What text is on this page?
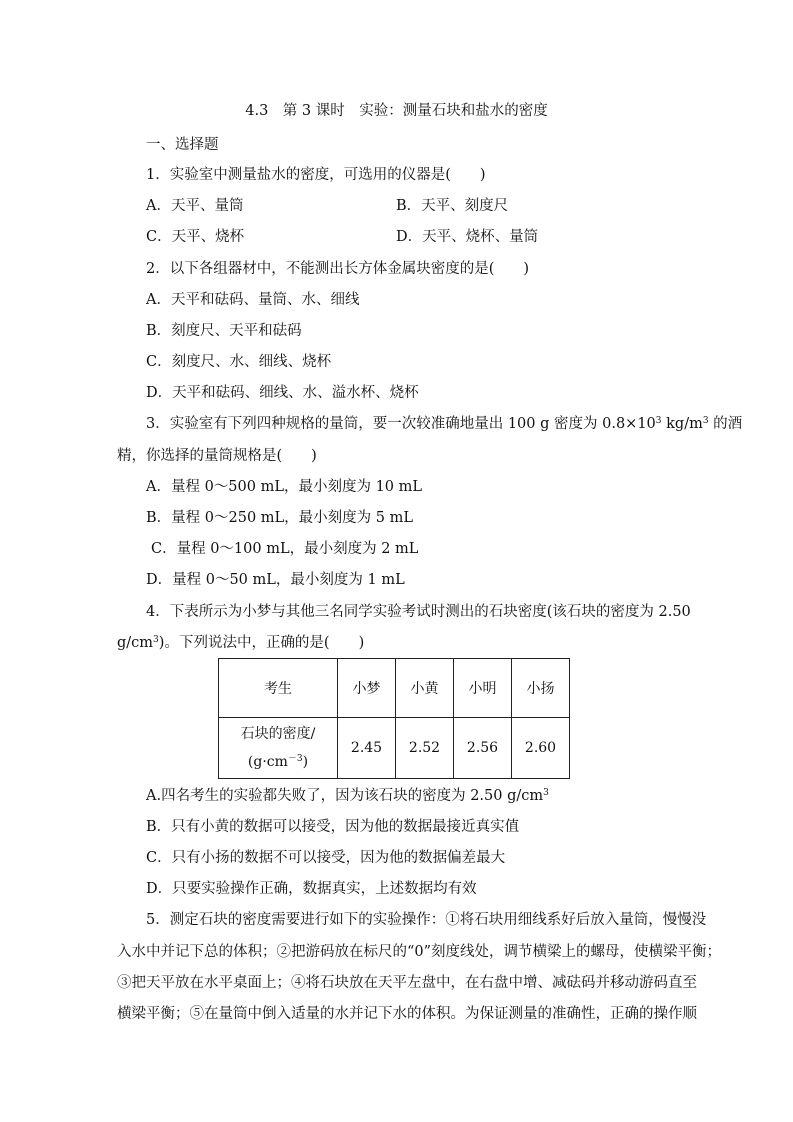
4.3　第 3 课时　实验：测量石块和盐水的密度
一、选择题
1．实验室中测量盐水的密度，可选用的仪器是(　　)
A．天平、量筒	B．天平、刻度尺
C．天平、烧杯	D．天平、烧杯、量筒
2．以下各组器材中，不能测出长方体金属块密度的是(　　)
A．天平和砝码、量筒、水、细线
B．刻度尺、天平和砝码
C．刻度尺、水、细线、烧杯
D．天平和砝码、细线、水、溢水杯、烧杯
3．实验室有下列四种规格的量筒，要一次较准确地量出 100 g 密度为 $0.8\times 10^3$ $kg/m^3$ 的酒
精，你选择的量筒规格是(　　)
A．量程 0～500 mL，最小刻度为 10 mL
B．量程 0～250 mL，最小刻度为 5 mL
C．量程 0～100 mL，最小刻度为 2 mL
D．量程 0～50 mL，最小刻度为 1 mL
4．下表所示为小梦与其他三名同学实验考试时测出的石块密度(该石块的密度为 2.50
$g/cm^3$)。下列说法中，正确的是(　　)
考生	小梦	小黄	小明	小扬

石块的密度/
$(g\cdot cm^{-3})$	2.45	2.52	2.56	2.60
A.四名考生的实验都失败了，因为该石块的密度为 2.50 $g/cm^3$
B．只有小黄的数据可以接受，因为他的数据最接近真实值
C．只有小扬的数据不可以接受，因为他的数据偏差最大
D．只要实验操作正确，数据真实，上述数据均有效
5．测定石块的密度需要进行如下的实验操作：①将石块用细线系好后放入量筒，慢慢没
入水中并记下总的体积；②把游码放在标尺的“0”刻度线处，调节横梁上的螺母，使横梁平衡；
③把天平放在水平桌面上；④将石块放在天平左盘中，在右盘中增、减砝码并移动游码直至
横梁平衡；⑤在量筒中倒入适量的水并记下水的体积。为保证测量的准确性，正确的操作顺
